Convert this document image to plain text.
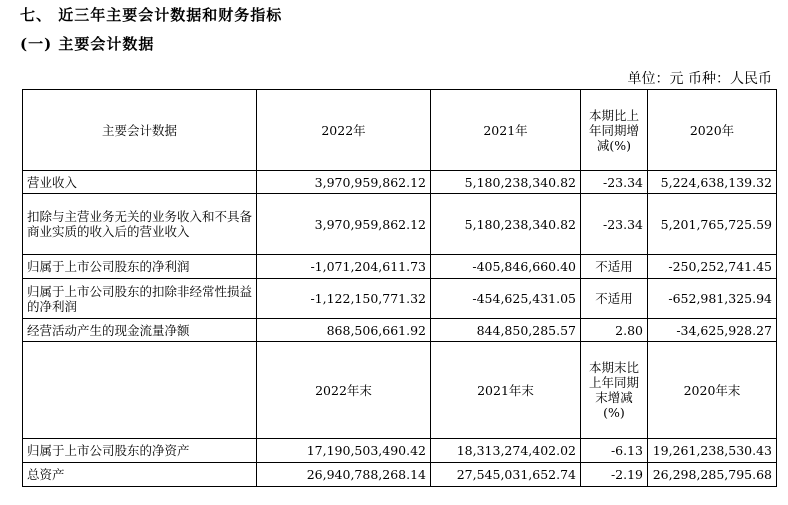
七、 近三年主要会计数据和财务指标
(一) 主要会计数据
单位：元 币种：人民币
主要会计数据	2022年	2021年	本期比上年同期增减(%)	2020年
营业收入	3,970,959,862.12	5,180,238,340.82	-23.34	5,224,638,139.32
扣除与主营业务无关的业务收入和不具备商业实质的收入后的营业收入	3,970,959,862.12	5,180,238,340.82	-23.34	5,201,765,725.59
归属于上市公司股东的净利润	-1,071,204,611.73	-405,846,660.40	不适用	-250,252,741.45
归属于上市公司股东的扣除非经常性损益的净利润	-1,122,150,771.32	-454,625,431.05	不适用	-652,981,325.94
经营活动产生的现金流量净额	868,506,661.92	844,850,285.57	2.80	-34,625,928.27
	2022年末	2021年末	本期末比上年同期末增减(%)	2020年末
归属于上市公司股东的净资产	17,190,503,490.42	18,313,274,402.02	-6.13	19,261,238,530.43
总资产	26,940,788,268.14	27,545,031,652.74	-2.19	26,298,285,795.68
